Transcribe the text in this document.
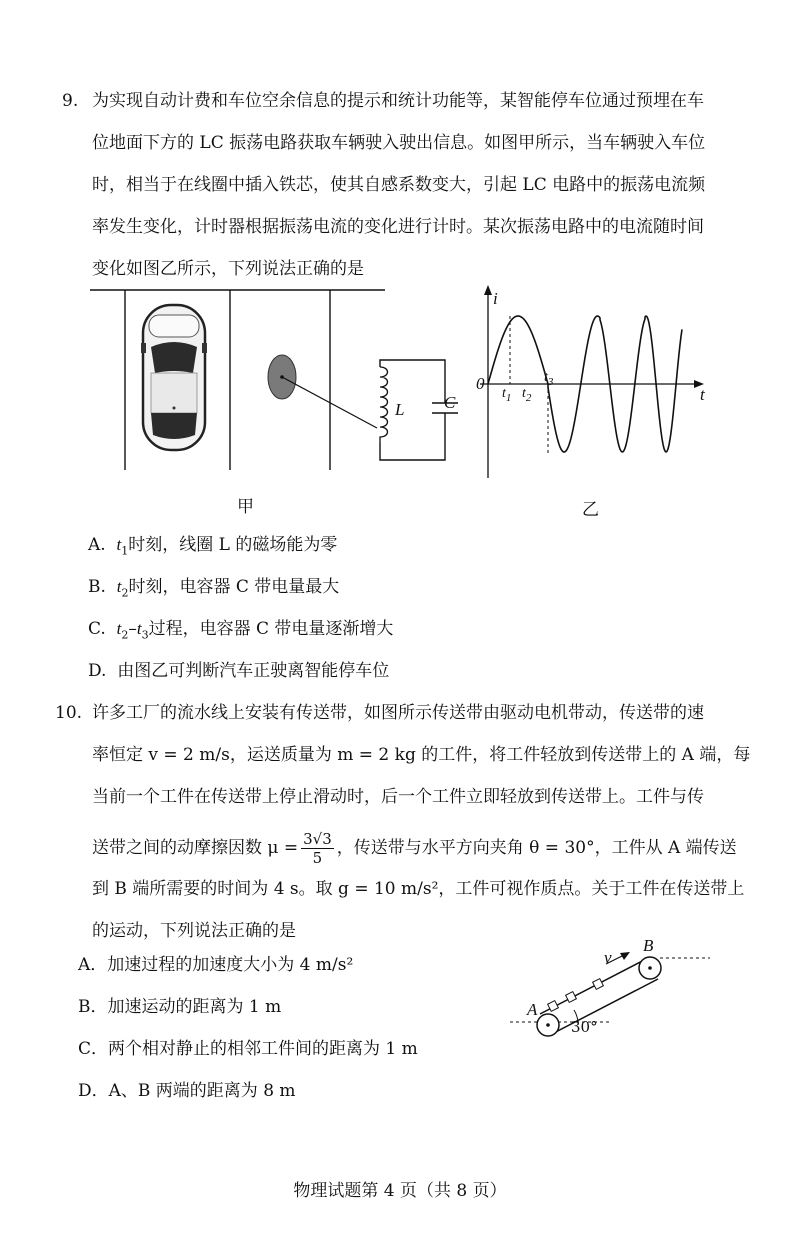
9. 为实现自动计费和车位空余信息的提示和统计功能等，某智能停车位通过预埋在车
位地面下方的 LC 振荡电路获取车辆驶入驶出信息。如图甲所示，当车辆驶入车位
时，相当于在线圈中插入铁芯，使其自感系数变大，引起 LC 电路中的振荡电流频
率发生变化，计时器根据振荡电流的变化进行计时。某次振荡电路中的电流随时间
变化如图乙所示，下列说法正确的是
L C
甲
i
t
0
$t_1$ $t_2$
$t_3$
乙
A. $t_1$时刻，线圈 L 的磁场能为零
B. $t_2$时刻，电容器 C 带电量最大
C. $t_2-t_3$过程，电容器 C 带电量逐渐增大
D. 由图乙可判断汽车正驶离智能停车位
10. 许多工厂的流水线上安装有传送带，如图所示传送带由驱动电机带动，传送带的速
率恒定 v = 2 m/s，运送质量为 m = 2 kg 的工件，将工件轻放到传送带上的 A 端，每
当前一个工件在传送带上停止滑动时，后一个工件立即轻放到传送带上。工件与传
送带之间的动摩擦因数 $\mu = \frac{3√3}{5}$ ，传送带与水平方向夹角 θ = 30°，工件从 A 端传送
到 B 端所需要的时间为 4 s。取 g = 10 m/s²，工件可视作质点。关于工件在传送带上
的运动，下列说法正确的是
A．加速过程的加速度大小为 4 m/s²
B．加速运动的距离为 1 m
C．两个相对静止的相邻工件间的距离为 1 m
D．A、B 两端的距离为 8 m
A
B
v
30°
物理试题第 4 页（共 8 页）
